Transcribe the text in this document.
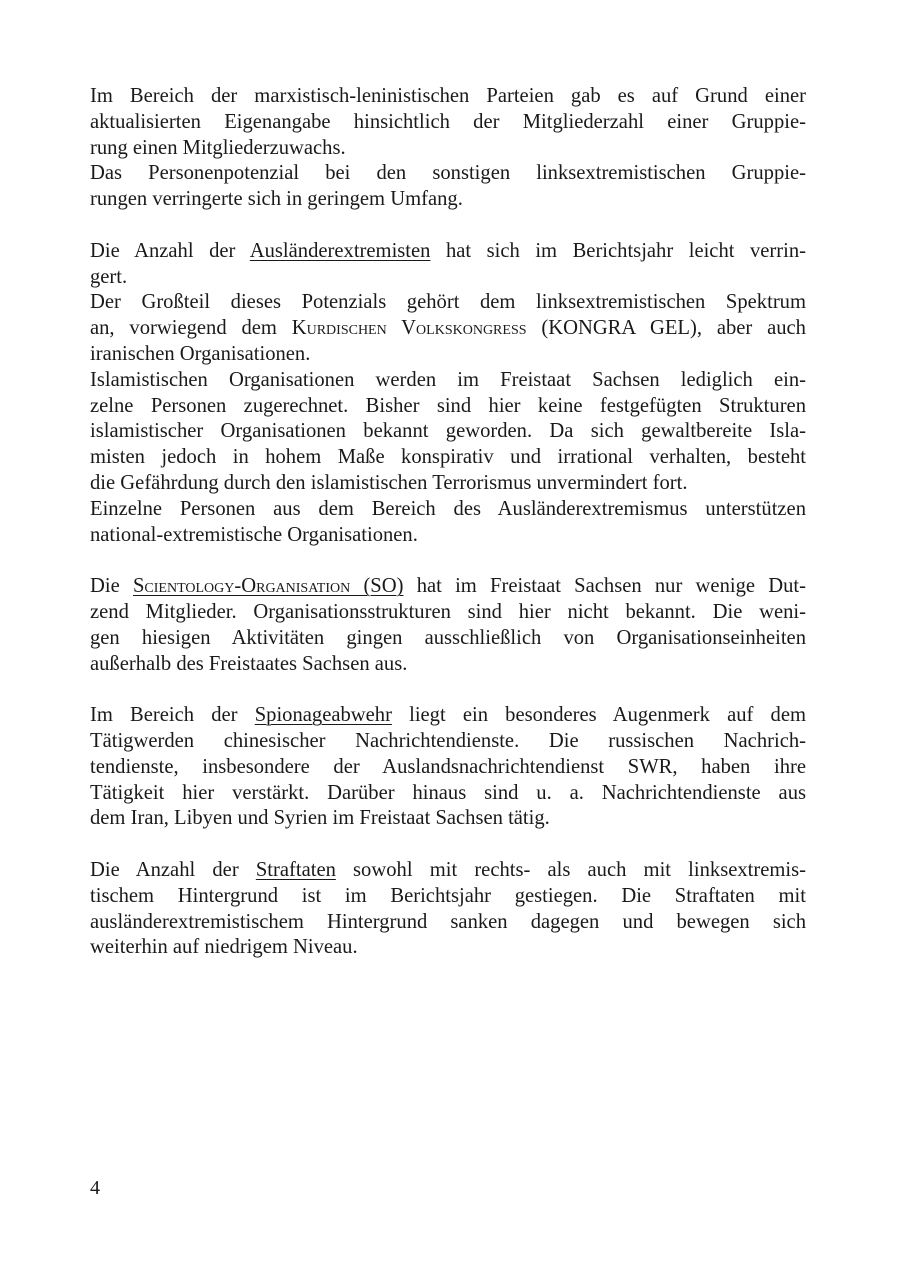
Im Bereich der marxistisch-leninistischen Parteien gab es auf Grund einer
aktualisierten Eigenangabe hinsichtlich der Mitgliederzahl einer Gruppie-
rung einen Mitgliederzuwachs.
Das Personenpotenzial bei den sonstigen linksextremistischen Gruppie-
rungen verringerte sich in geringem Umfang.
Die Anzahl der Ausländerextremisten hat sich im Berichtsjahr leicht verrin-
gert.
Der Großteil dieses Potenzials gehört dem linksextremistischen Spektrum
an, vorwiegend dem Kurdischen Volkskongress (KONGRA GEL), aber auch
iranischen Organisationen.
Islamistischen Organisationen werden im Freistaat Sachsen lediglich ein-
zelne Personen zugerechnet. Bisher sind hier keine festgefügten Strukturen
islamistischer Organisationen bekannt geworden. Da sich gewaltbereite Isla-
misten jedoch in hohem Maße konspirativ und irrational verhalten, besteht
die Gefährdung durch den islamistischen Terrorismus unvermindert fort.
Einzelne Personen aus dem Bereich des Ausländerextremismus unterstützen
national-extremistische Organisationen.
Die Scientology-Organisation (SO) hat im Freistaat Sachsen nur wenige Dut-
zend Mitglieder. Organisationsstrukturen sind hier nicht bekannt. Die weni-
gen hiesigen Aktivitäten gingen ausschließlich von Organisationseinheiten
außerhalb des Freistaates Sachsen aus.
Im Bereich der Spionageabwehr liegt ein besonderes Augenmerk auf dem
Tätigwerden chinesischer Nachrichtendienste. Die russischen Nachrich-
tendienste, insbesondere der Auslandsnachrichtendienst SWR, haben ihre
Tätigkeit hier verstärkt. Darüber hinaus sind u. a. Nachrichtendienste aus
dem Iran, Libyen und Syrien im Freistaat Sachsen tätig.
Die Anzahl der Straftaten sowohl mit rechts- als auch mit linksextremis-
tischem Hintergrund ist im Berichtsjahr gestiegen. Die Straftaten mit
ausländerextremistischem Hintergrund sanken dagegen und bewegen sich
weiterhin auf niedrigem Niveau.
4
